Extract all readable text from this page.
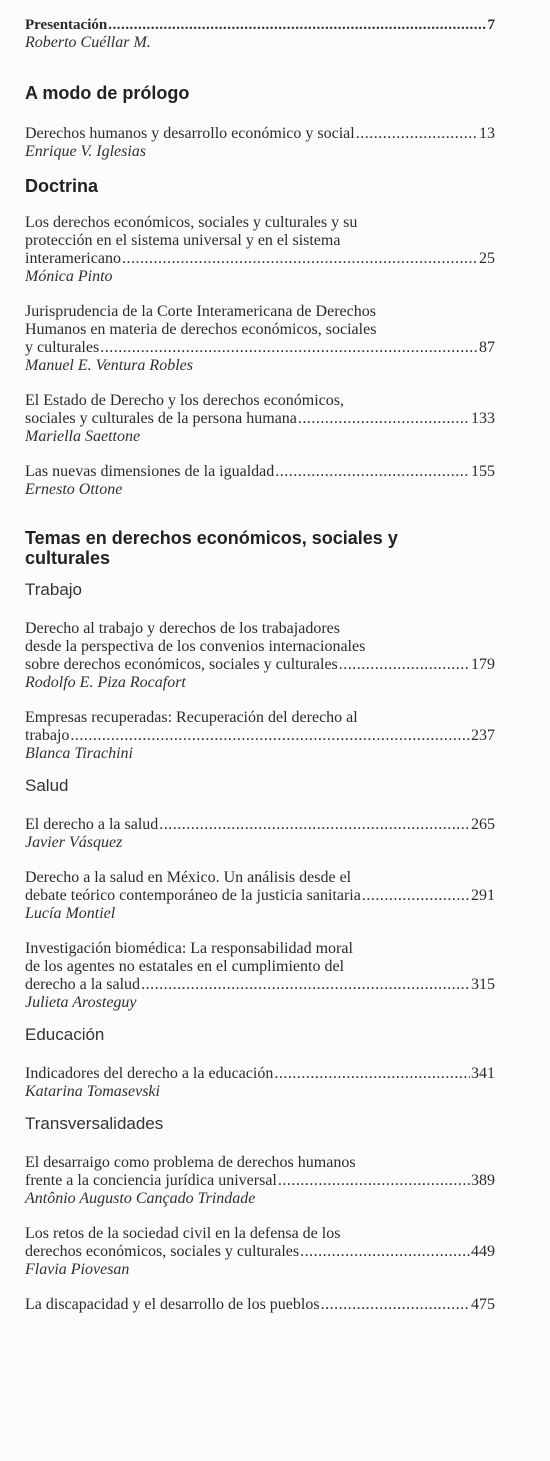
Presentación .....	7
Roberto Cuéllar M.
A modo de prólogo
Derechos humanos y desarrollo económico y social .....	13
Enrique V. Iglesias
Doctrina
Los derechos económicos, sociales y culturales y su
protección en el sistema universal y en el sistema
interamericano .....	25
Mónica Pinto
Jurisprudencia de la Corte Interamericana de Derechos
Humanos en materia de derechos económicos, sociales
y culturales .....	87
Manuel E. Ventura Robles
El Estado de Derecho y los derechos económicos,
sociales y culturales de la persona humana .....	133
Mariella Saettone
Las nuevas dimensiones de la igualdad .....	155
Ernesto Ottone
Temas en derechos económicos, sociales y culturales
Trabajo
Derecho al trabajo y derechos de los trabajadores
desde la perspectiva de los convenios internacionales
sobre derechos económicos, sociales y culturales .....	179
Rodolfo E. Piza Rocafort
Empresas recuperadas: Recuperación del derecho al
trabajo .....	237
Blanca Tirachini
Salud
El derecho a la salud .....	265
Javier Vásquez
Derecho a la salud en México. Un análisis desde el
debate teórico contemporáneo de la justicia sanitaria .....	291
Lucía Montiel
Investigación biomédica: La responsabilidad moral
de los agentes no estatales en el cumplimiento del
derecho a la salud .....	315
Julieta Arosteguy
Educación
Indicadores del derecho a la educación .....	341
Katarina Tomasevski
Transversalidades
El desarraigo como problema de derechos humanos
frente a la conciencia jurídica universal .....	389
Antônio Augusto Cançado Trindade
Los retos de la sociedad civil en la defensa de los
derechos económicos, sociales y culturales .....	449
Flavia Piovesan
La discapacidad y el desarrollo de los pueblos .....	475
